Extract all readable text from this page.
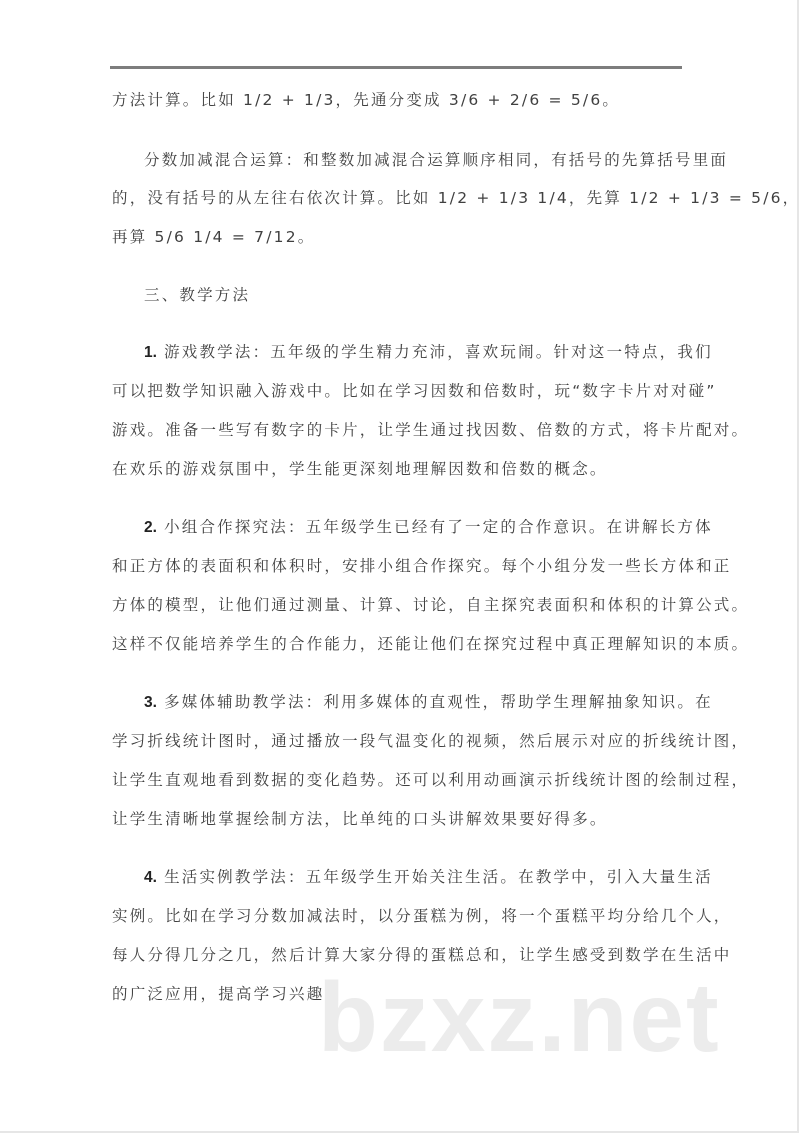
方法计算。比如 1/2 + 1/3，先通分变成 3/6 + 2/6 = 5/6。
分数加减混合运算：和整数加减混合运算顺序相同，有括号的先算括号里面
的，没有括号的从左往右依次计算。比如 1/2 + 1/3 1/4，先算 1/2 + 1/3 = 5/6，
再算 5/6 1/4 = 7/12。
三、教学方法
1. 游戏教学法：五年级的学生精力充沛，喜欢玩闹。针对这一特点，我们
可以把数学知识融入游戏中。比如在学习因数和倍数时，玩“数字卡片对对碰”
游戏。准备一些写有数字的卡片，让学生通过找因数、倍数的方式，将卡片配对。
在欢乐的游戏氛围中，学生能更深刻地理解因数和倍数的概念。
2. 小组合作探究法：五年级学生已经有了一定的合作意识。在讲解长方体
和正方体的表面积和体积时，安排小组合作探究。每个小组分发一些长方体和正
方体的模型，让他们通过测量、计算、讨论，自主探究表面积和体积的计算公式。
这样不仅能培养学生的合作能力，还能让他们在探究过程中真正理解知识的本质。
3. 多媒体辅助教学法：利用多媒体的直观性，帮助学生理解抽象知识。在
学习折线统计图时，通过播放一段气温变化的视频，然后展示对应的折线统计图，
让学生直观地看到数据的变化趋势。还可以利用动画演示折线统计图的绘制过程，
让学生清晰地掌握绘制方法，比单纯的口头讲解效果要好得多。
4. 生活实例教学法：五年级学生开始关注生活。在教学中，引入大量生活
实例。比如在学习分数加减法时，以分蛋糕为例，将一个蛋糕平均分给几个人，
每人分得几分之几，然后计算大家分得的蛋糕总和，让学生感受到数学在生活中
的广泛应用，提高学习兴趣。
bzxz.net
